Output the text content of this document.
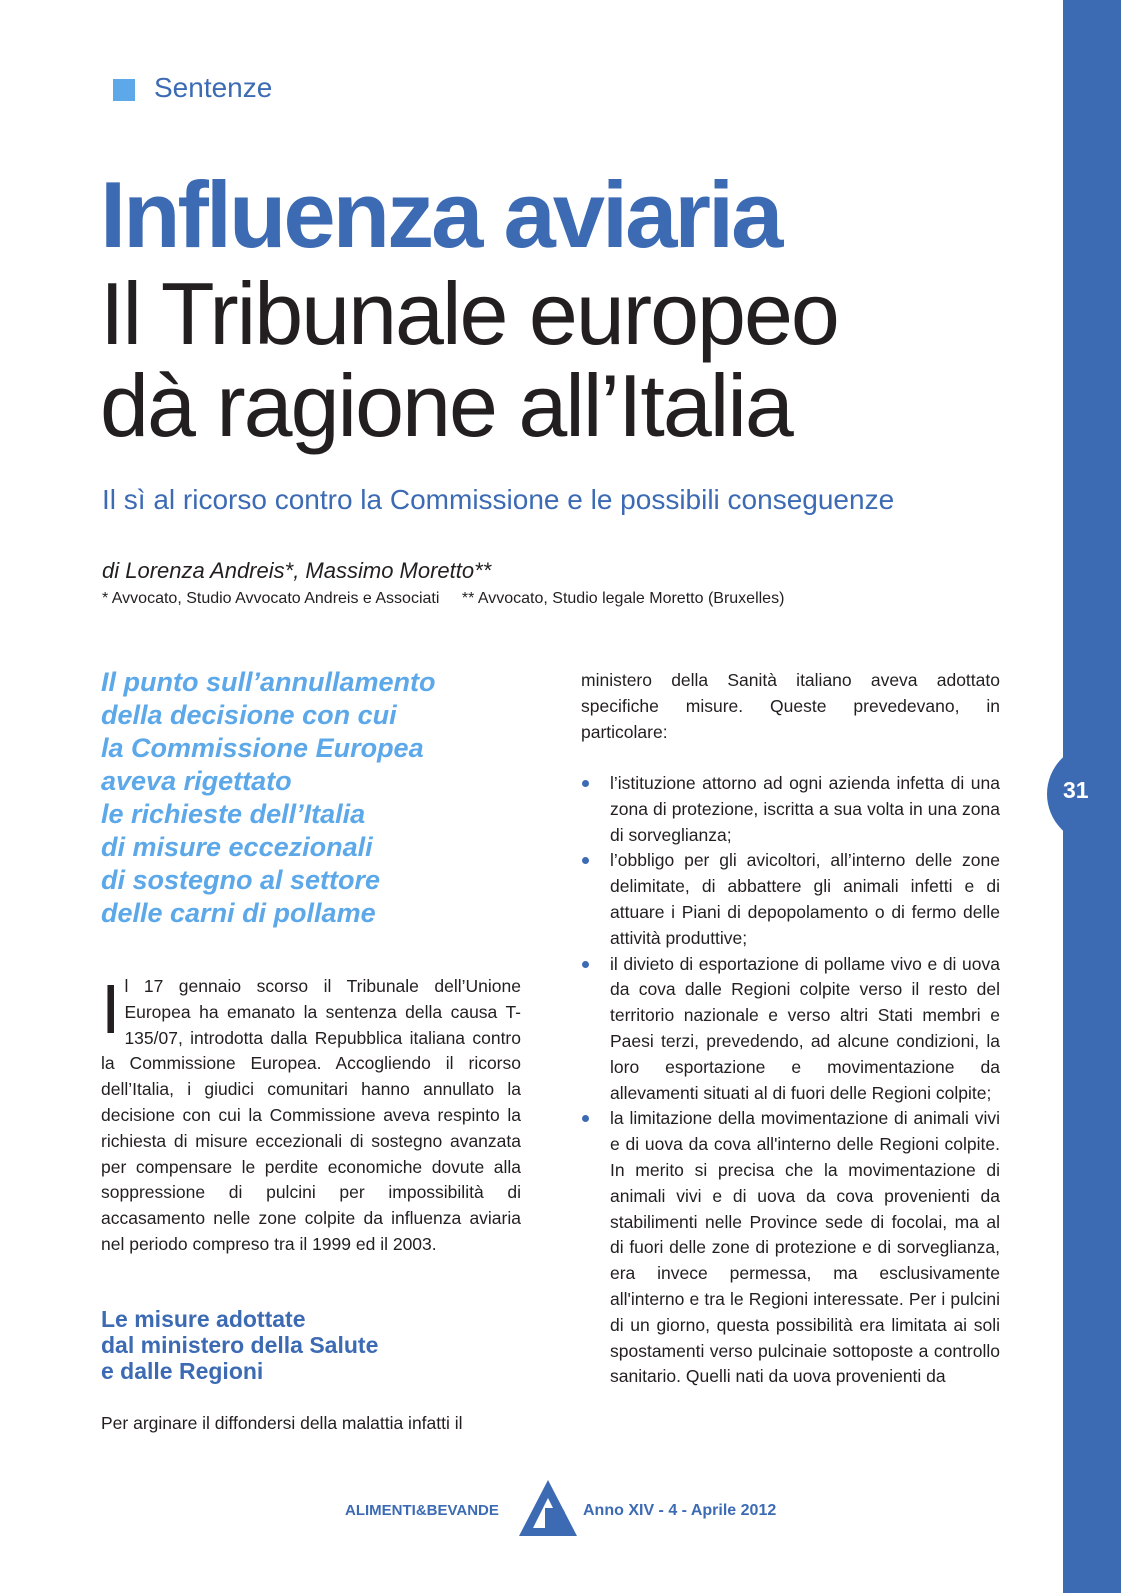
31
Sentenze
Influenza aviaria
Il Tribunale europeo
dà ragione all’Italia
Il sì al ricorso contro la Commissione e le possibili conseguenze
di Lorenza Andreis*, Massimo Moretto**
* Avvocato, Studio Avvocato Andreis e Associati ** Avvocato, Studio legale Moretto (Bruxelles)
Il punto sull’annullamento
della decisione con cui
la Commissione Europea
aveva rigettato
le richieste dell’Italia
di misure eccezionali
di sostegno al settore
delle carni di pollame

Il 17 gennaio scorso il Tribunale dell’Unione Europea ha emanato la sentenza della causa T-135/07, introdotta dalla Repubblica italiana contro la Commissione Europea. Accogliendo il ricorso dell’Italia, i giudici comunitari hanno annullato la decisione con cui la Commissione aveva respinto la richiesta di misure eccezionali di sostegno avanzata per compensare le perdite economiche dovute alla soppressione di pulcini per impossibilità di accasamento nelle zone colpite da influenza aviaria nel periodo compreso tra il 1999 ed il 2003.

Le misure adottate
dal ministero della Salute
e dalle Regioni
Per arginare il diffondersi della malattia infatti il

ministero della Sanità italiano aveva adottato specifiche misure. Queste prevedevano, in particolare:

l’istituzione attorno ad ogni azienda infetta di una zona di protezione, iscritta a sua volta in una zona di sorveglianza;
l’obbligo per gli avicoltori, all’interno delle zone delimitate, di abbattere gli animali infetti e di attuare i Piani di depopolamento o di fermo delle attività produttive;
il divieto di esportazione di pollame vivo e di uova da cova dalle Regioni colpite verso il resto del territorio nazionale e verso altri Stati membri e Paesi terzi, prevedendo, ad alcune condizioni, la loro esportazione e movimentazione da allevamenti situati al di fuori delle Regioni colpite;
la limitazione della movimentazione di animali vivi e di uova da cova all'interno delle Regioni colpite. In merito si precisa che la movimentazione di animali vivi e di uova da cova provenienti da stabilimenti nelle Province sede di focolai, ma al di fuori delle zone di protezione e di sorveglianza, era invece permessa, ma esclusivamente all'interno e tra le Regioni interessate. Per i pulcini di un giorno, questa possibilità era limitata ai soli spostamenti verso pulcinaie sottoposte a controllo sanitario. Quelli nati da uova provenienti da
ALIMENTI&BEVANDE	Anno XIV - 4 - Aprile 2012
